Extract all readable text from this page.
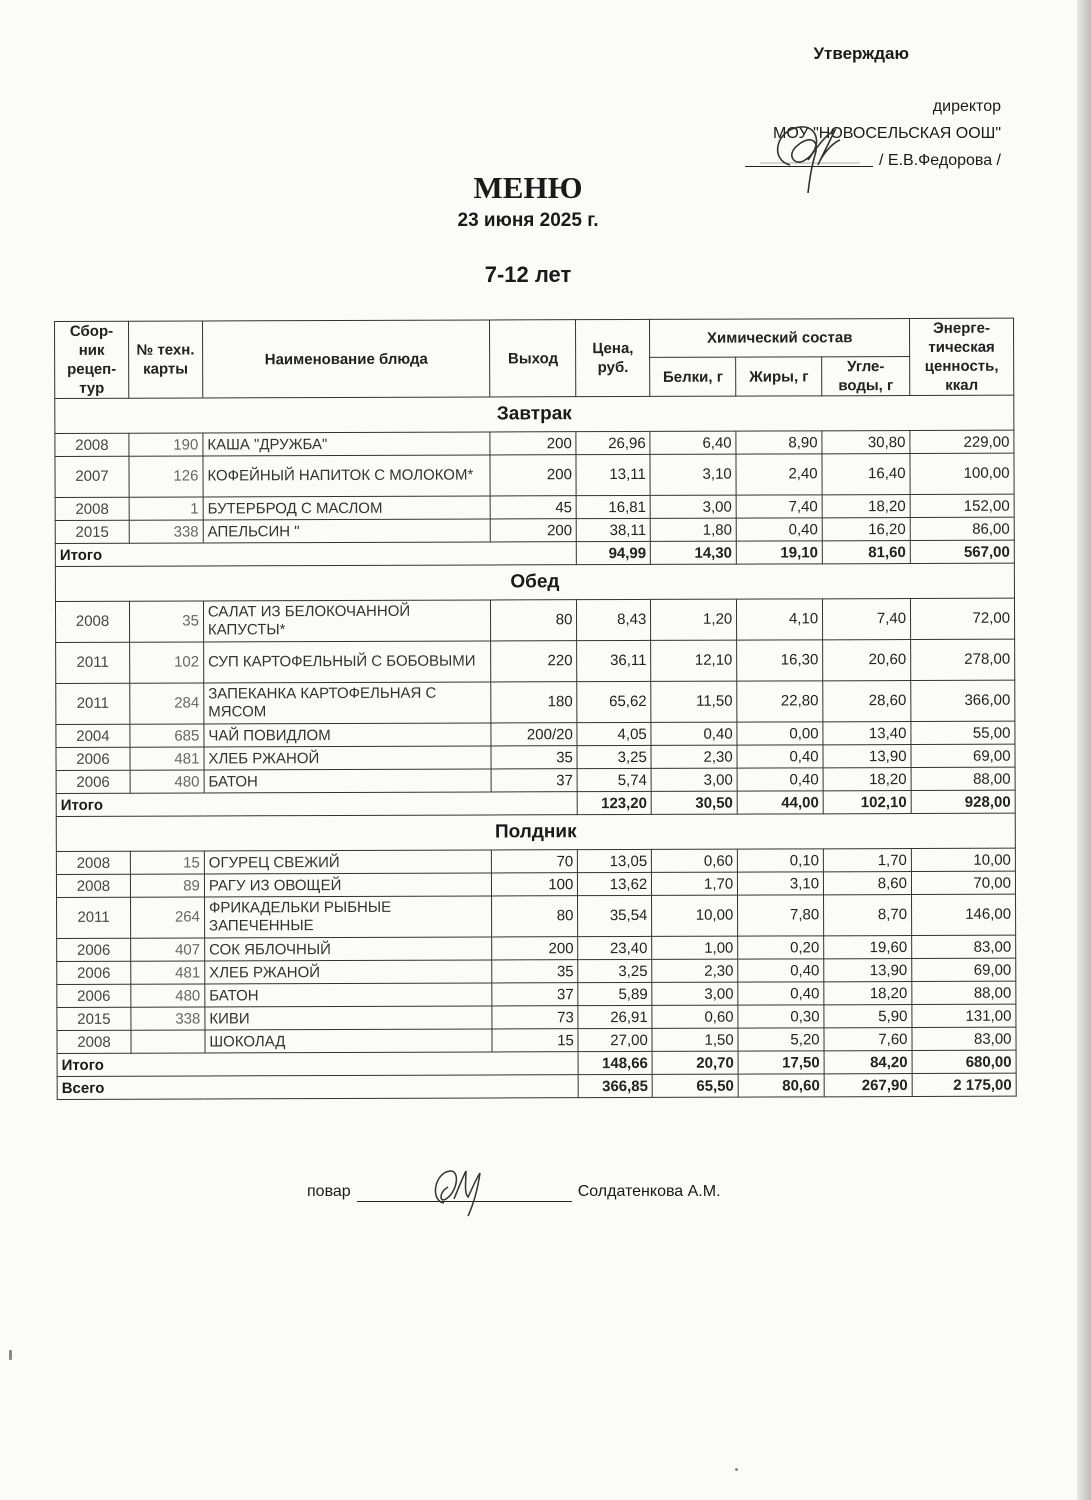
Утверждаю
директор
МОУ "НОВОСЕЛЬСКАЯ ООШ"
/ Е.В.Федорова /
МЕНЮ
23 июня 2025 г.
7-12 лет
Сбор-ник рецеп-тур	№ техн. карты	Наименование блюда	Выход	Цена, руб.	Химический состав			Энерге-тическая ценность, ккал
					Белки, г	Жиры, г	Угле-воды, г	
Завтрак								
2008	190	КАША "ДРУЖБА"	200	26,96	6,40	8,90	30,80	229,00
2007	126	КОФЕЙНЫЙ НАПИТОК С МОЛОКОМ*	200	13,11	3,10	2,40	16,40	100,00
2008	1	БУТЕРБРОД С МАСЛОМ	45	16,81	3,00	7,40	18,20	152,00
2015	338	АПЕЛЬСИН "	200	38,11	1,80	0,40	16,20	86,00
Итого				94,99	14,30	19,10	81,60	567,00
Обед								
2008	35	САЛАТ ИЗ БЕЛОКОЧАННОЙ КАПУСТЫ*	80	8,43	1,20	4,10	7,40	72,00
2011	102	СУП КАРТОФЕЛЬНЫЙ С БОБОВЫМИ	220	36,11	12,10	16,30	20,60	278,00
2011	284	ЗАПЕКАНКА КАРТОФЕЛЬНАЯ С МЯСОМ	180	65,62	11,50	22,80	28,60	366,00
2004	685	ЧАЙ ПОВИДЛОМ	200/20	4,05	0,40	0,00	13,40	55,00
2006	481	ХЛЕБ РЖАНОЙ	35	3,25	2,30	0,40	13,90	69,00
2006	480	БАТОН	37	5,74	3,00	0,40	18,20	88,00
Итого				123,20	30,50	44,00	102,10	928,00
Полдник								
2008	15	ОГУРЕЦ СВЕЖИЙ	70	13,05	0,60	0,10	1,70	10,00
2008	89	РАГУ ИЗ ОВОЩЕЙ	100	13,62	1,70	3,10	8,60	70,00
2011	264	ФРИКАДЕЛЬКИ РЫБНЫЕ ЗАПЕЧЕННЫЕ	80	35,54	10,00	7,80	8,70	146,00
2006	407	СОК ЯБЛОЧНЫЙ	200	23,40	1,00	0,20	19,60	83,00
2006	481	ХЛЕБ РЖАНОЙ	35	3,25	2,30	0,40	13,90	69,00
2006	480	БАТОН	37	5,89	3,00	0,40	18,20	88,00
2015	338	КИВИ	73	26,91	0,60	0,30	5,90	131,00
2008		ШОКОЛАД	15	27,00	1,50	5,20	7,60	83,00
Итого				148,66	20,70	17,50	84,20	680,00
Всего				366,85	65,50	80,60	267,90	2 175,00
повар	Солдатенкова А.М.
